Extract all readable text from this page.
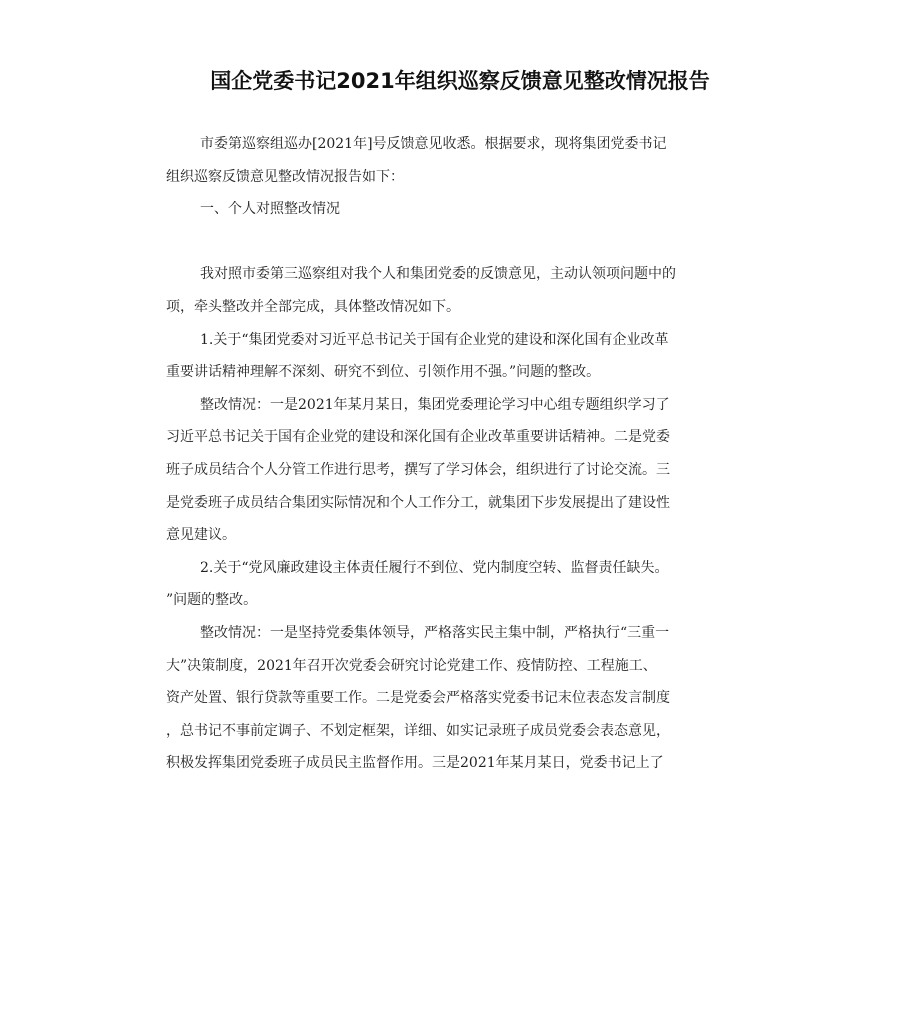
国企党委书记2021年组织巡察反馈意见整改情况报告
市委第巡察组巡办[2021年]号反馈意见收悉。根据要求，现将集团党委书记
组织巡察反馈意见整改情况报告如下：
一、个人对照整改情况
我对照市委第三巡察组对我个人和集团党委的反馈意见，主动认领项问题中的
项，牵头整改并全部完成，具体整改情况如下。
1.关于“集团党委对习近平总书记关于国有企业党的建设和深化国有企业改革
重要讲话精神理解不深刻、研究不到位、引领作用不强。”问题的整改。
整改情况：一是2021年某月某日，集团党委理论学习中心组专题组织学习了
习近平总书记关于国有企业党的建设和深化国有企业改革重要讲话精神。二是党委
班子成员结合个人分管工作进行思考，撰写了学习体会，组织进行了讨论交流。三
是党委班子成员结合集团实际情况和个人工作分工，就集团下步发展提出了建设性
意见建议。
2.关于“党风廉政建设主体责任履行不到位、党内制度空转、监督责任缺失。
”问题的整改。
整改情况：一是坚持党委集体领导，严格落实民主集中制，严格执行“三重一
大”决策制度，2021年召开次党委会研究讨论党建工作、疫情防控、工程施工、
资产处置、银行贷款等重要工作。二是党委会严格落实党委书记末位表态发言制度
，总书记不事前定调子、不划定框架，详细、如实记录班子成员党委会表态意见，
积极发挥集团党委班子成员民主监督作用。三是2021年某月某日，党委书记上了
